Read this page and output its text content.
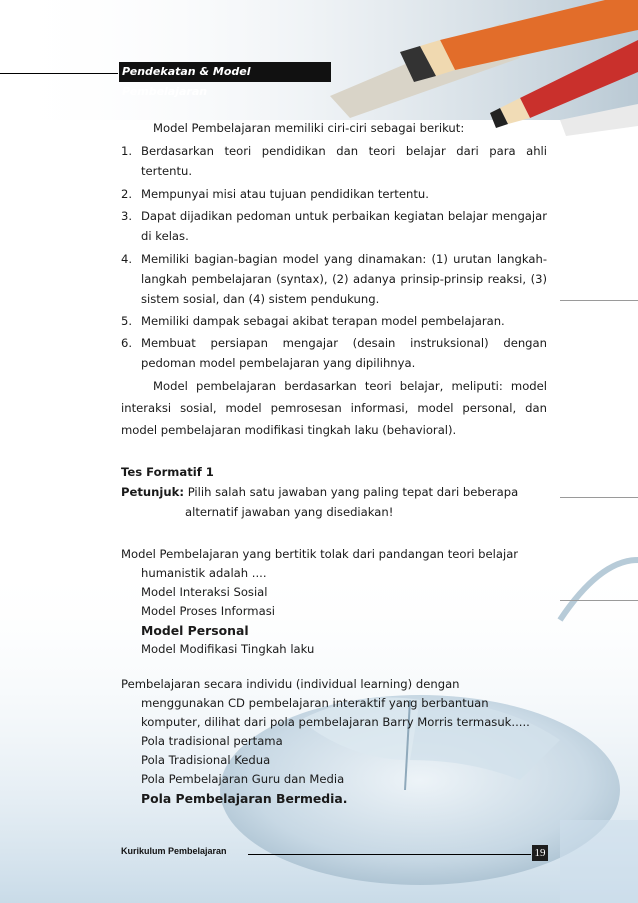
Pendekatan & Model Pembelajaran
Model Pembelajaran memiliki ciri-ciri sebagai berikut:
1. Berdasarkan teori pendidikan dan teori belajar dari para ahli tertentu.
2. Mempunyai misi atau tujuan pendidikan tertentu.
3. Dapat dijadikan pedoman untuk perbaikan kegiatan belajar mengajar di kelas.
4. Memiliki bagian-bagian model yang dinamakan: (1) urutan langkah-langkah pembelajaran (syntax), (2) adanya prinsip-prinsip reaksi, (3) sistem sosial, dan (4) sistem pendukung.
5. Memiliki dampak sebagai akibat terapan model pembelajaran.
6. Membuat persiapan mengajar (desain instruksional) dengan pedoman model pembelajaran yang dipilihnya.
Model pembelajaran berdasarkan teori belajar, meliputi: model interaksi sosial, model pemrosesan informasi, model personal, dan model pembelajaran modifikasi tingkah laku (behavioral).
Tes Formatif 1
Petunjuk: Pilih salah satu jawaban yang paling tepat dari beberapa
alternatif jawaban yang disediakan!
Model Pembelajaran yang bertitik tolak dari pandangan teori belajar
humanistik adalah ....
Model Interaksi Sosial
Model Proses Informasi
Model Personal
Model Modifikasi Tingkah laku
Pembelajaran secara individu (individual learning) dengan
menggunakan CD pembelajaran interaktif yang berbantuan
komputer, dilihat dari pola pembelajaran Barry Morris termasuk.....
Pola tradisional pertama
Pola Tradisional Kedua
Pola Pembelajaran Guru dan Media
Pola Pembelajaran Bermedia.
Kurikulum Pembelajaran	19
